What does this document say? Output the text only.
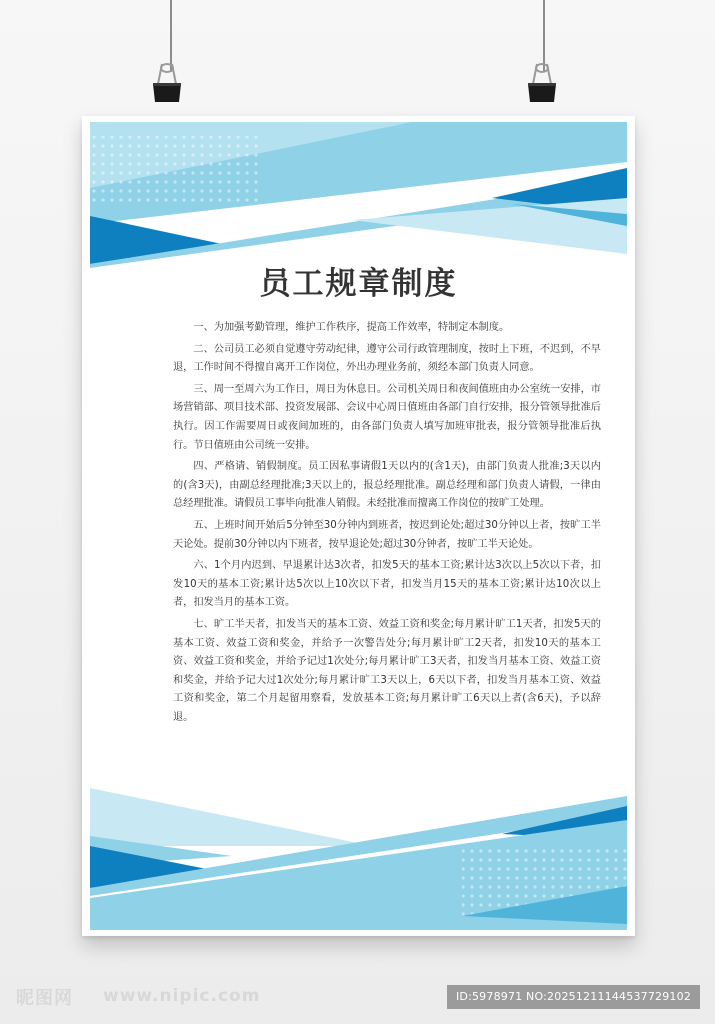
员工规章制度

一、为加强考勤管理，维护工作秩序，提高工作效率，特制定本制度。

二、公司员工必须自觉遵守劳动纪律，遵守公司行政管理制度，按时上下班，不迟到，不早退，工作时间不得擅自离开工作岗位，外出办理业务前，须经本部门负责人同意。

三、周一至周六为工作日，周日为休息日。公司机关周日和夜间值班由办公室统一安排，市场营销部、项目技术部、投资发展部、会议中心周日值班由各部门自行安排，报分管领导批准后执行。因工作需要周日或夜间加班的，由各部门负责人填写加班审批表，报分管领导批准后执行。节日值班由公司统一安排。

四、严格请、销假制度。员工因私事请假1天以内的(含1天)，由部门负责人批准;3天以内的(含3天)，由副总经理批准;3天以上的，报总经理批准。副总经理和部门负责人请假，一律由总经理批准。请假员工事毕向批准人销假。未经批准而擅离工作岗位的按旷工处理。

五、上班时间开始后5分钟至30分钟内到班者，按迟到论处;超过30分钟以上者，按旷工半天论处。提前30分钟以内下班者，按早退论处;超过30分钟者，按旷工半天论处。

六、1个月内迟到、早退累计达3次者，扣发5天的基本工资;累计达3次以上5次以下者，扣发10天的基本工资;累计达5次以上10次以下者，扣发当月15天的基本工资;累计达10次以上者，扣发当月的基本工资。

七、旷工半天者，扣发当天的基本工资、效益工资和奖金;每月累计旷工1天者，扣发5天的基本工资、效益工资和奖金，并给予一次警告处分;每月累计旷工2天者，扣发10天的基本工资、效益工资和奖金，并给予记过1次处分;每月累计旷工3天者，扣发当月基本工资、效益工资和奖金，并给予记大过1次处分;每月累计旷工3天以上，6天以下者，扣发当月基本工资、效益工资和奖金，第二个月起留用察看，发放基本工资;每月累计旷工6天以上者(含6天)，予以辞退。

昵图网 www.nipic.com	ID:5978971 NO:20251211144537729102
